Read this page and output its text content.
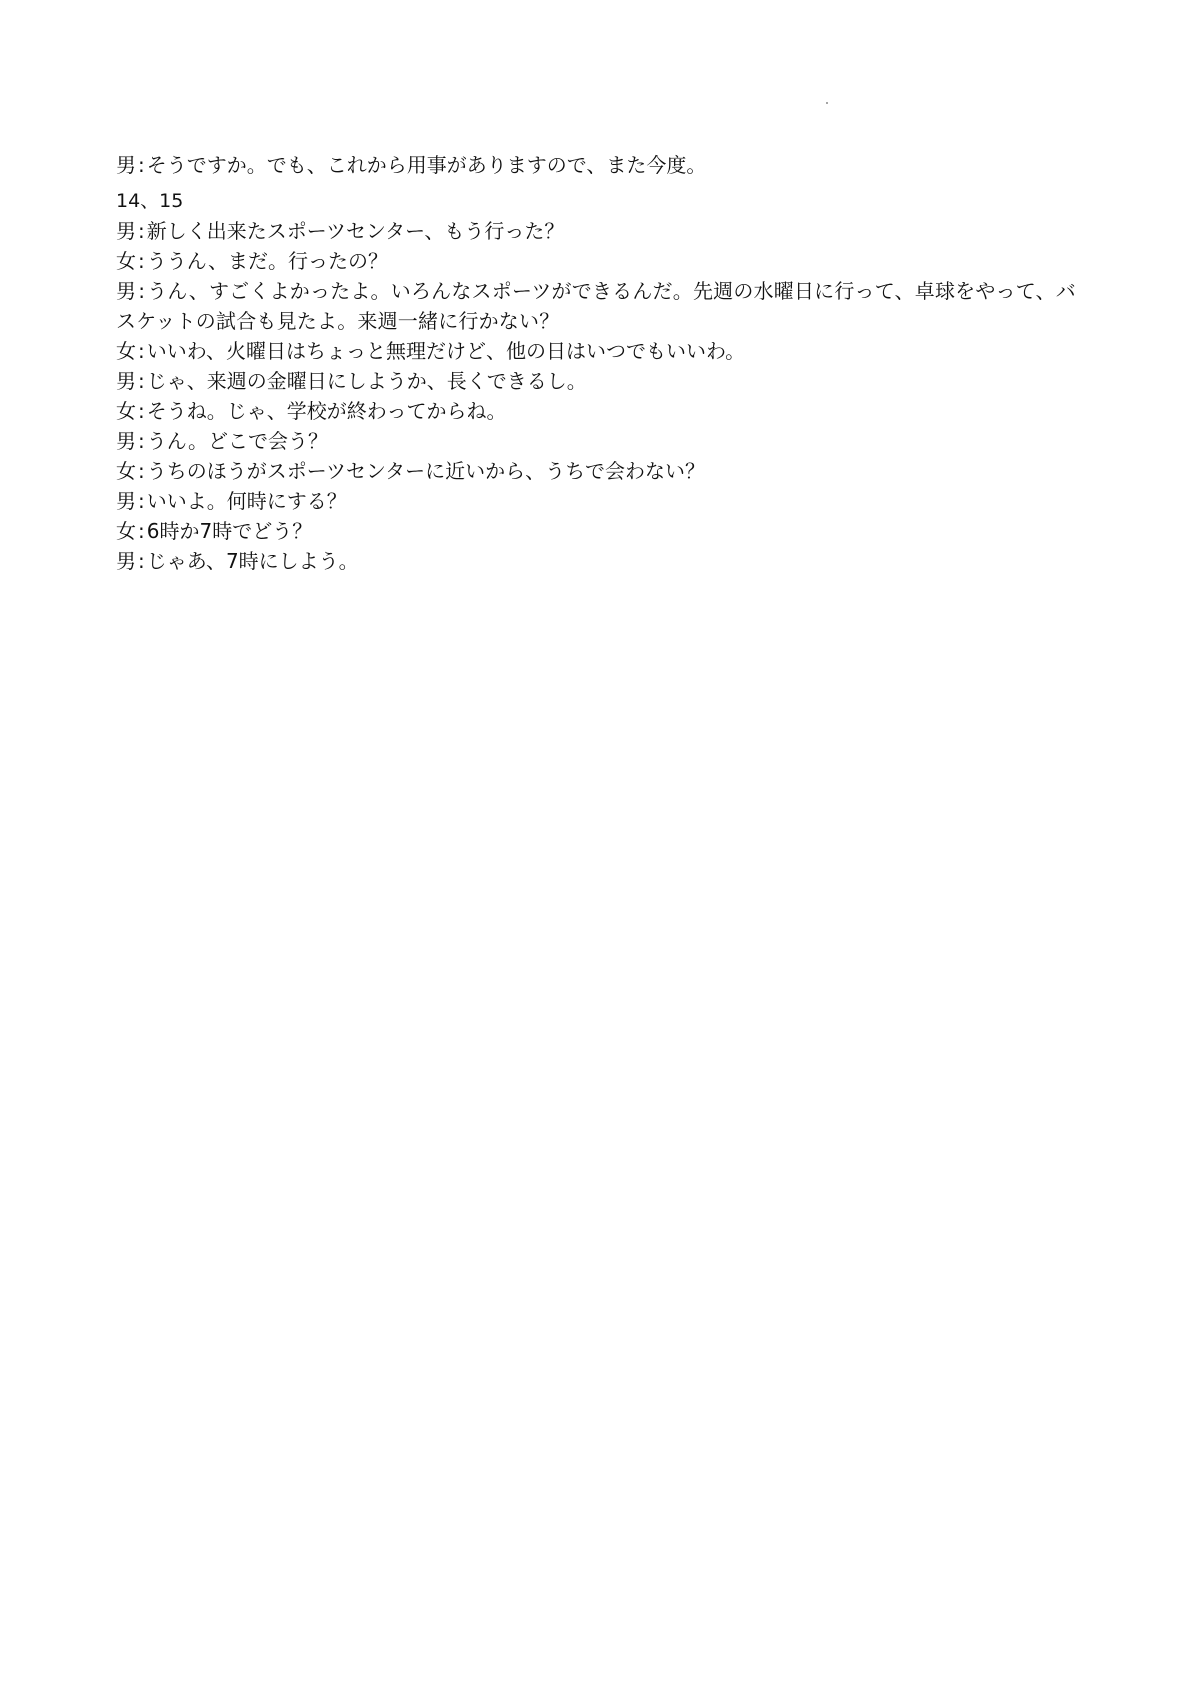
男 : そうですか。でも、これから用事がありますので、また今度。

14、15

男 : 新しく出来たスポーツセンター、もう行った？

女 : ううん、まだ。行ったの？

男 : うん、すごくよかったよ。いろんなスポーツができるんだ。先週の水曜日に行って、卓球をやって、バスケットの試合も見たよ。来週一緒に行かない？

女 : いいわ、火曜日はちょっと無理だけど、他の日はいつでもいいわ。

男 : じゃ、来週の金曜日にしようか、長くできるし。

女 : そうね。じゃ、学校が終わってからね。

男 : うん。どこで会う？

女 : うちのほうがスポーツセンターに近いから、うちで会わない？

男 : いいよ。何時にする？

女 : 6時か7時でどう？

男 : じゃあ、7時にしよう。
